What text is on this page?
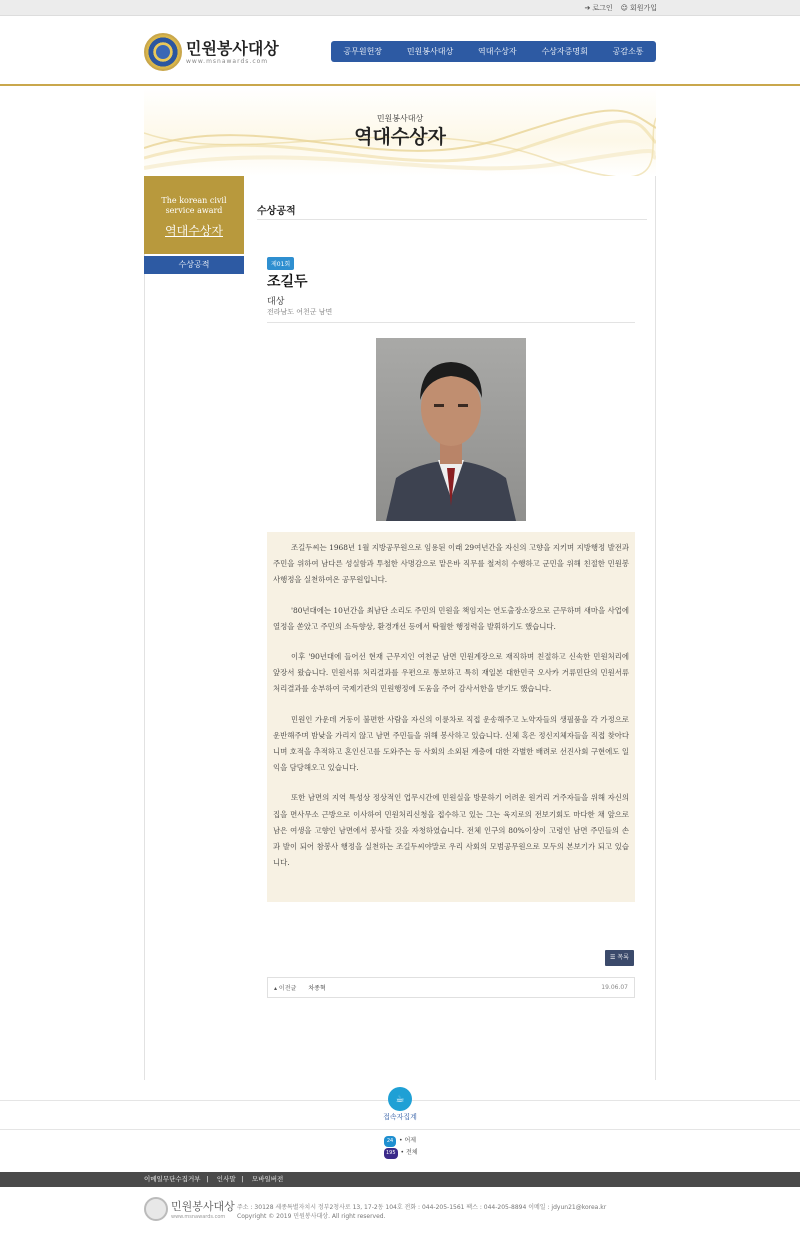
➔ 로그인 ☺ 회원가입
민원봉사대상
www.msnawards.com
공무원헌장	민원봉사대상	역대수상자	수상자증명회	공감소통
민원봉사대상
역대수상자
The korean civil
service award
역대수상자
수상공적
수상공적
제01회
조길두
대상
전라남도 여천군 남면

조길두씨는 1968년 1월 지방공무원으로 임용된 이래 29여년간을 자신의 고향을 지키며 지방행정 발전과 주민을 위하여 남다른 성실함과 투철한 사명감으로 맡은바 직무를 철저히 수행하고 군민을 위해 친절한 민원봉사행정을 실천하여온 공무원입니다.

'80년대에는 10년간을 최남단 소리도 주민의 민원을 책임지는 연도출장소장으로 근무하며 새마을 사업에 열정을 쏟았고 주민의 소득향상, 환경개선 등에서 탁월한 행정력을 발휘하기도 했습니다.

이후 '90년대에 들어선 현재 근무지인 여천군 남면 민원계장으로 재직하며 친절하고 신속한 민원처리에 앞장서 왔습니다. 민원서류 처리결과를 우편으로 통보하고 특히 재일본 대한민국 오사카 거류민단의 민원서류 처리결과를 송부하여 국제기관의 민원행정에 도움을 주어 감사서한을 받기도 했습니다.

민원인 가운데 거동이 불편한 사람을 자신의 이륜차로 직접 운송해주고 노약자들의 생필품을 각 가정으로 운반해주며 밤낮을 가리지 않고 남면 주민들을 위해 봉사하고 있습니다. 신체 혹은 정신지체자들을 직접 찾아다니며 호적을 추적하고 혼인신고를 도와주는 등 사회의 소외된 계층에 대한 각별한 배려로 선진사회 구현에도 일익을 담당해오고 있습니다.

또한 남면의 지역 특성상 정상적인 업무시간에 민원실을 방문하기 어려운 원거리 거주자들을 위해 자신의 집을 면사무소 근방으로 이사하여 민원처리신청을 접수하고 있는 그는 육지로의 전보기회도 마다한 채 앞으로 남은 여생을 고향인 남면에서 봉사할 것을 자청하였습니다. 전체 인구의 80%이상이 고령인 남면 주민들의 손과 발이 되어 참봉사 행정을 실천하는 조길두씨야말로 우리 사회의 모범공무원으로 모두의 본보기가 되고 있습니다.

☰ 목록
▴ 이전글 차종혁	19.06.07
☕
접속자집계
24 • 어제
195 • 전체
이메일무단수집거부 | 인사말 | 모바일버전
민원봉사대상
www.msnawards.com
주소 : 30128 세종특별자치시 정부2청사로 13, 17-2동 104호 전화 : 044-205-1561 팩스 : 044-205-8894 이메일 : jdyun21@korea.kr
Copyright © 2019 민원봉사대상. All right reserved.
